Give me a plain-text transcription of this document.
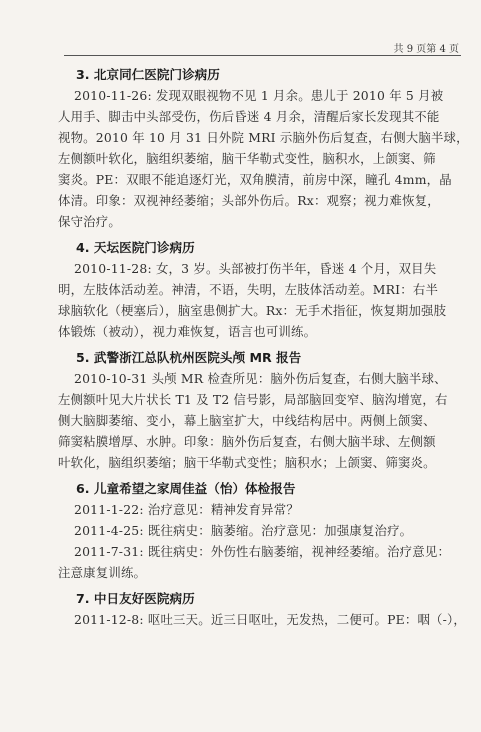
共 9 页第 4 页
3. 北京同仁医院门诊病历
2010-11-26: 发现双眼视物不见 1 月余。患儿于 2010 年 5 月被
人用手、脚击中头部受伤，伤后昏迷 4 月余，清醒后家长发现其不能
视物。2010 年 10 月 31 日外院 MRI 示脑外伤后复查，右侧大脑半球，
左侧额叶软化，脑组织萎缩，脑干华勒式变性，脑积水，上颌窦、筛
窦炎。PE：双眼不能追逐灯光，双角膜清，前房中深，瞳孔 4mm，晶
体清。印象：双视神经萎缩；头部外伤后。Rx：观察；视力难恢复，
保守治疗。
4. 天坛医院门诊病历
2010-11-28: 女，3 岁。头部被打伤半年，昏迷 4 个月，双目失
明，左肢体活动差。神清，不语，失明，左肢体活动差。MRI：右半
球脑软化（梗塞后），脑室患侧扩大。Rx：无手术指征，恢复期加强肢
体锻炼（被动），视力难恢复，语言也可训练。
5. 武警浙江总队杭州医院头颅 MR 报告
2010-10-31 头颅 MR 检查所见：脑外伤后复查，右侧大脑半球、
左侧额叶见大片状长 T1 及 T2 信号影，局部脑回变窄、脑沟增宽，右
侧大脑脚萎缩、变小，幕上脑室扩大，中线结构居中。两侧上颌窦、
筛窦粘膜增厚、水肿。印象：脑外伤后复查，右侧大脑半球、左侧额
叶软化，脑组织萎缩；脑干华勒式变性；脑积水；上颌窦、筛窦炎。
6. 儿童希望之家周佳益（怡）体检报告
2011-1-22: 治疗意见：精神发育异常？
2011-4-25: 既往病史：脑萎缩。治疗意见：加强康复治疗。
2011-7-31: 既往病史：外伤性右脑萎缩，视神经萎缩。治疗意见：
注意康复训练。
7. 中日友好医院病历
2011-12-8: 呕吐三天。近三日呕吐，无发热，二便可。PE：咽（-），
